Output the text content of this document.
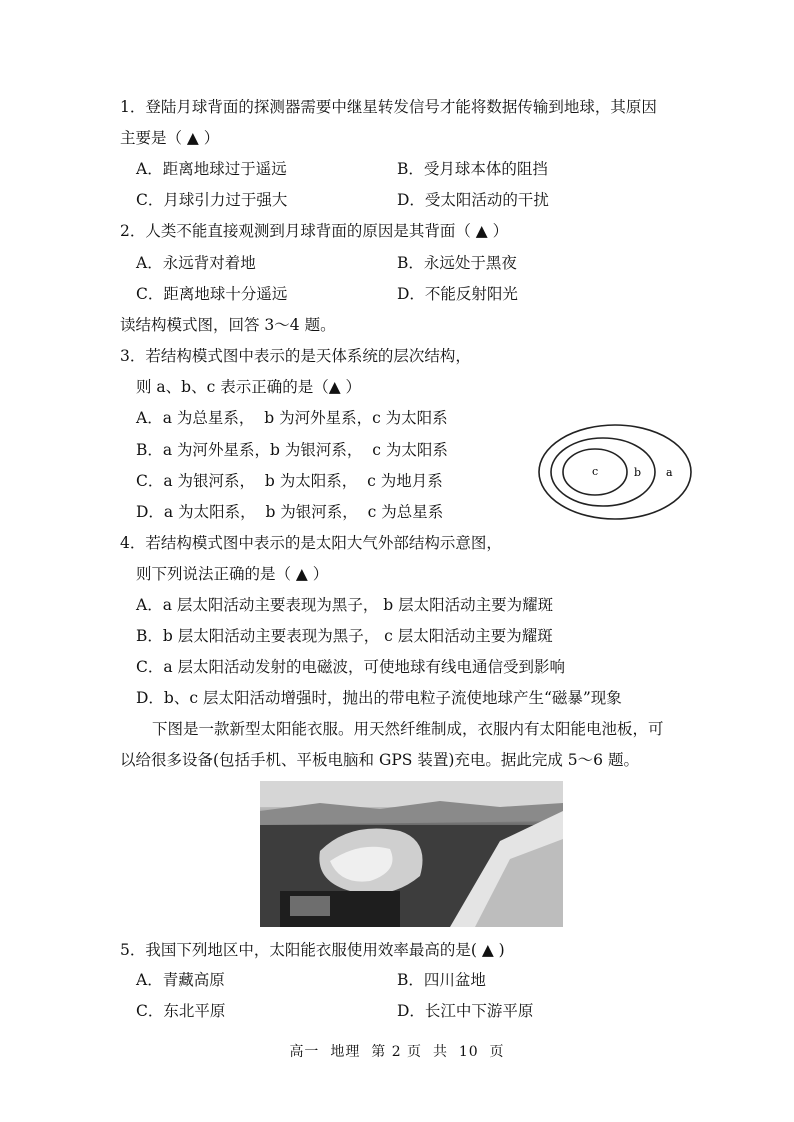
1．登陆月球背面的探测器需要中继星转发信号才能将数据传输到地球，其原因
主要是（ ▲ ）
A．距离地球过于遥远	B．受月球本体的阻挡
C．月球引力过于强大	D．受太阳活动的干扰
2．人类不能直接观测到月球背面的原因是其背面（ ▲ ）
A．永远背对着地	B．永远处于黑夜
C．距离地球十分遥远	D．不能反射阳光
读结构模式图，回答 3～4 题。
3．若结构模式图中表示的是天体系统的层次结构，
则 a、b、c 表示正确的是（▲ ）
A．a 为总星系，  b 为河外星系，c 为太阳系
B．a 为河外星系，b 为银河系，  c 为太阳系
C．a 为银河系，  b 为太阳系，  c 为地月系
D．a 为太阳系，  b 为银河系，  c 为总星系
a
b
c
4．若结构模式图中表示的是太阳大气外部结构示意图，
则下列说法正确的是（ ▲ ）
A．a 层太阳活动主要表现为黑子， b 层太阳活动主要为耀斑
B．b 层太阳活动主要表现为黑子， c 层太阳活动主要为耀斑
C．a 层太阳活动发射的电磁波，可使地球有线电通信受到影响
D．b、c 层太阳活动增强时，抛出的带电粒子流使地球产生“磁暴”现象
下图是一款新型太阳能衣服。用天然纤维制成，衣服内有太阳能电池板，可
以给很多设备(包括手机、平板电脑和 GPS 装置)充电。据此完成 5～6 题。
5．我国下列地区中，太阳能衣服使用效率最高的是( ▲ )
A．青藏高原	B．四川盆地
C．东北平原	D．长江中下游平原
高一  地理  第 2 页  共  10  页
